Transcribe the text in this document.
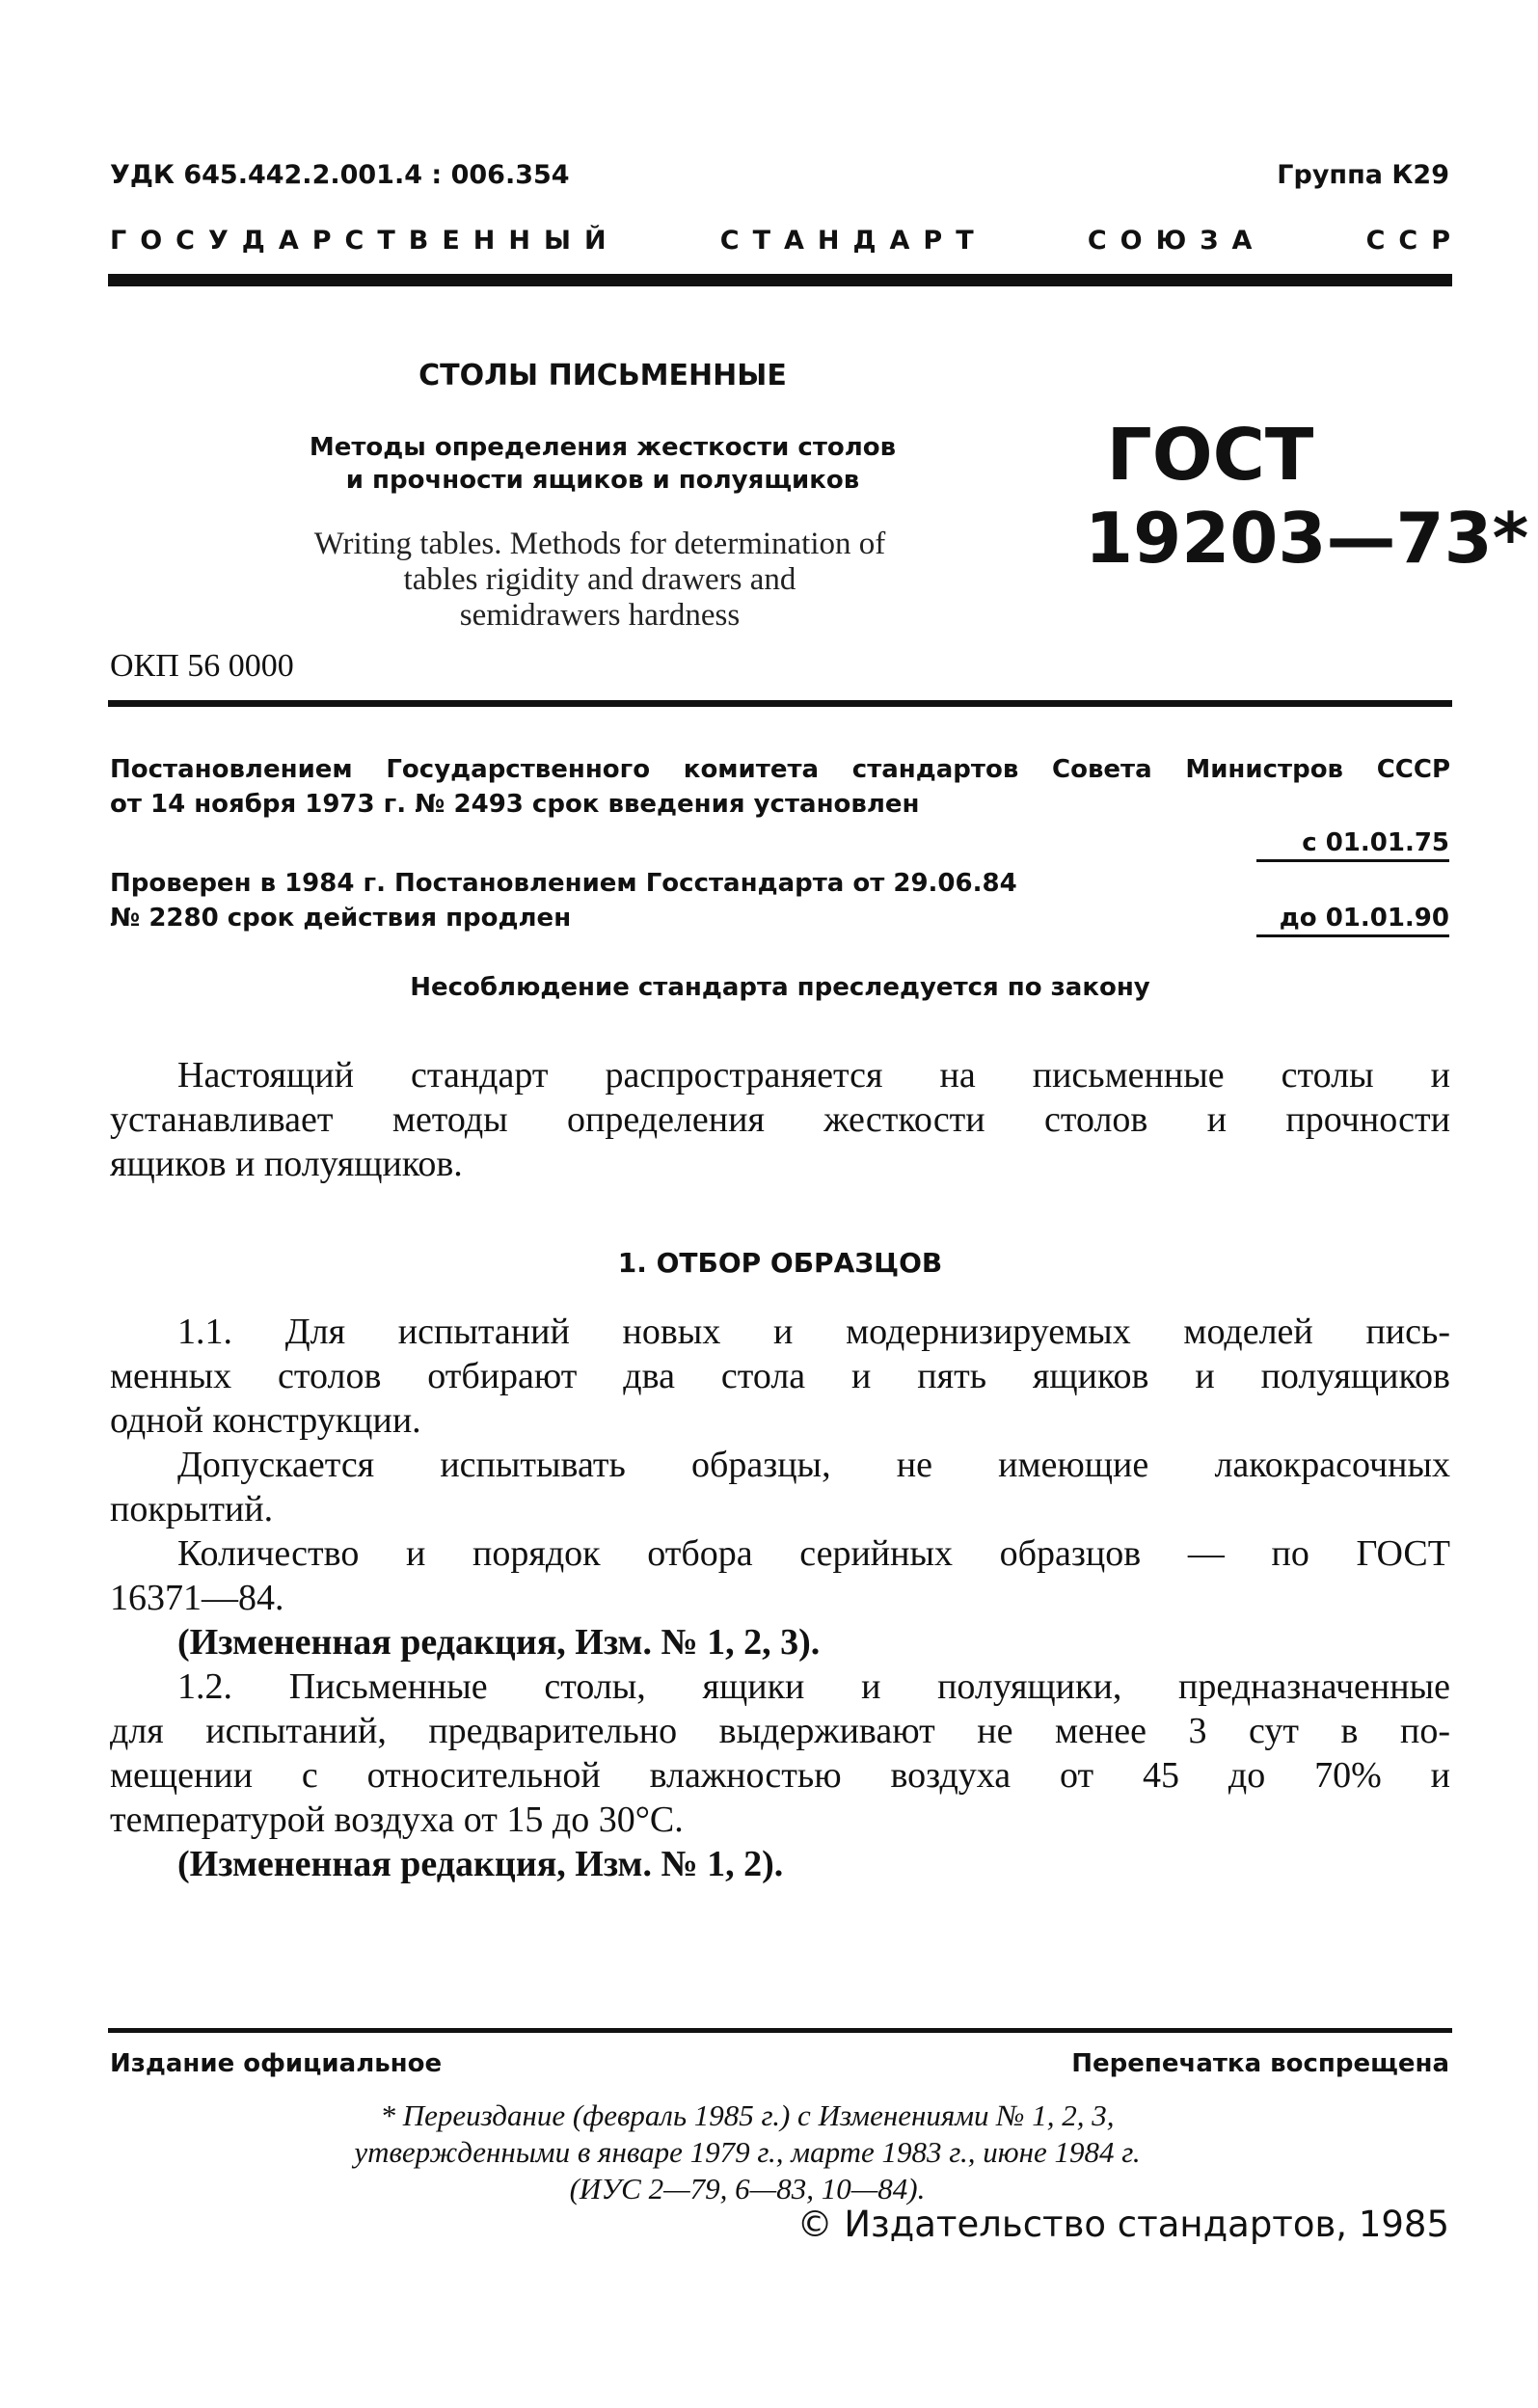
УДК 645.442.2.001.4 : 006.354	Группа К29
ГОСУДАРСТВЕННЫЙ	СТАНДАРТ	СОЮЗА	ССР
СТОЛЫ ПИСЬМЕННЫЕ
Методы определения жесткости столов
и прочности ящиков и полуящиков
Writing tables. Methods for determination of
tables rigidity and drawers and
semidrawers hardness
ОКП 56 0000
ГОСТ
19203—73*
Постановлением Государственного комитета стандартов Совета Министров СССР
от 14 ноября 1973 г. № 2493 срок введения установлен
с 01.01.75
Проверен в 1984 г. Постановлением Госстандарта от 29.06.84
№ 2280 срок действия продлен	до 01.01.90
Несоблюдение стандарта преследуется по закону
Настоящий стандарт распространяется на письменные столы и
устанавливает методы определения жесткости столов и прочности
ящиков и полуящиков.
1. ОТБОР ОБРАЗЦОВ
1.1. Для испытаний новых и модернизируемых моделей пись-
менных столов отбирают два стола и пять ящиков и полуящиков
одной конструкции.
Допускается испытывать образцы, не имеющие лакокрасочных
покрытий.
Количество и порядок отбора серийных образцов — по ГОСТ
16371—84.
(Измененная редакция, Изм. № 1, 2, 3).
1.2. Письменные столы, ящики и полуящики, предназначенные
для испытаний, предварительно выдерживают не менее 3 сут в по-
мещении с относительной влажностью воздуха от 45 до 70% и
температурой воздуха от 15 до 30°С.
(Измененная редакция, Изм. № 1, 2).
Издание официальное	Перепечатка воспрещена
* Переиздание (февраль 1985 г.) с Изменениями № 1, 2, 3,
утвержденными в январе 1979 г., марте 1983 г., июне 1984 г.
(ИУС 2—79, 6—83, 10—84).
© Издательство стандартов, 1985
